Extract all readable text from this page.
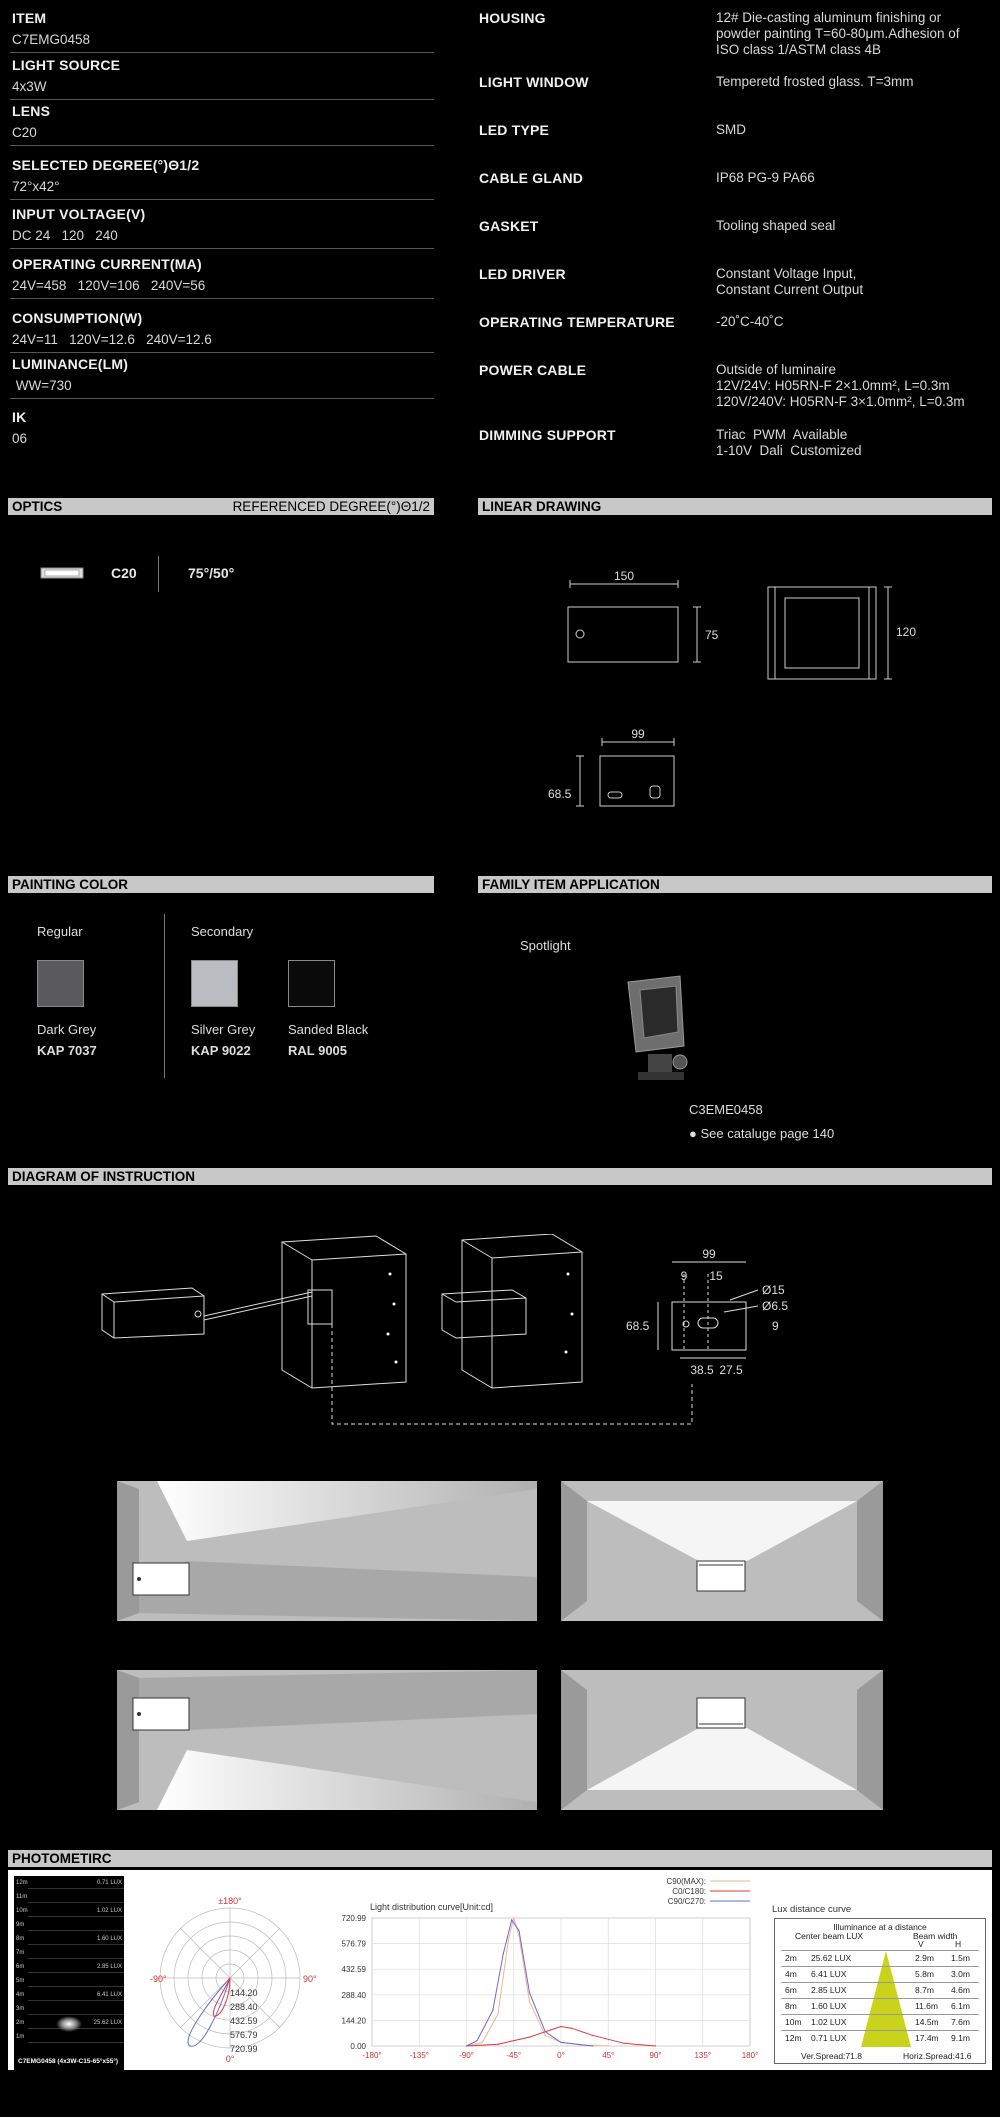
ITEM
C7EMG0458
LIGHT SOURCE
4x3W
LENS
C20
SELECTED DEGREE(°)Θ1/2
72°x42°
INPUT VOLTAGE(V)
DC 24   120   240
OPERATING CURRENT(MA)
24V=458   120V=106   240V=56
CONSUMPTION(W)
24V=11   120V=12.6   240V=12.6
LUMINANCE(LM)
WW=730
IK
06
HOUSING	12# Die-casting aluminum finishing or powder painting T=60-80μm.Adhesion of ISO class 1/ASTM class 4B
LIGHT WINDOW	Temperetd frosted glass. T=3mm
LED TYPE	SMD
CABLE GLAND	IP68 PG-9 PA66
GASKET	Tooling shaped seal
LED DRIVER	Constant Voltage Input,
Constant Current Output
OPERATING TEMPERATURE	-20˚C-40˚C
POWER CABLE	Outside of luminaire
12V/24V: H05RN-F 2×1.0mm², L=0.3m
120V/240V: H05RN-F 3×1.0mm², L=0.3m
DIMMING SUPPORT	Triac  PWM  Available
1-10V  Dali  Customized
OPTICS	REFERENCED DEGREE(°)Θ1/2	LINEAR DRAWING
PAINTING COLOR	FAMILY ITEM APPLICATION
DIAGRAM OF INSTRUCTION
PHOTOMETIRC
C20	75°/50°	150
75	120
99
68.5
Regular	Secondary
Dark Grey
KAP 7037
Silver Grey
KAP 9022
Sanded Black
RAL 9005
Spotlight
C3EME0458
● See cataluge page 140
99
9 15
Ø15
Ø6.5
9
68.5
38.5 27.5
12m	0.71 LUX
11m
10m	1.02 LUX
9m
8m	1.60 LUX
7m
6m	2.85 LUX
5m
4m	6.41 LUX
3m
2m	25.62 LUX
1m
C7EMG0458 (4x3W-C15-65°x55°)
±180°
-90°	90°
0°
144.20
288.40
432.59
576.79
720.99
Light distribution curve[Unit:cd]
C90(MAX):
C0/C180:
C90/C270:
-180°	-135°	-90°	-45°	0°	45°	90°	135°	180°
720.99
576.79
432.59
288.40
144.20
0.00
Lux distance curve
Illuminance at a distance
Center beam LUX	Beam width
V	H
2m 25.62 LUX	2.9m 1.5m
4m 6.41 LUX	5.8m 3.0m
6m 2.85 LUX	8.7m 4.6m
8m 1.60 LUX	11.6m 6.1m
10m 1.02 LUX	14.5m 7.6m
12m 0.71 LUX	17.4m 9.1m
Ver.Spread:71.8	Horiz.Spread:41.6
